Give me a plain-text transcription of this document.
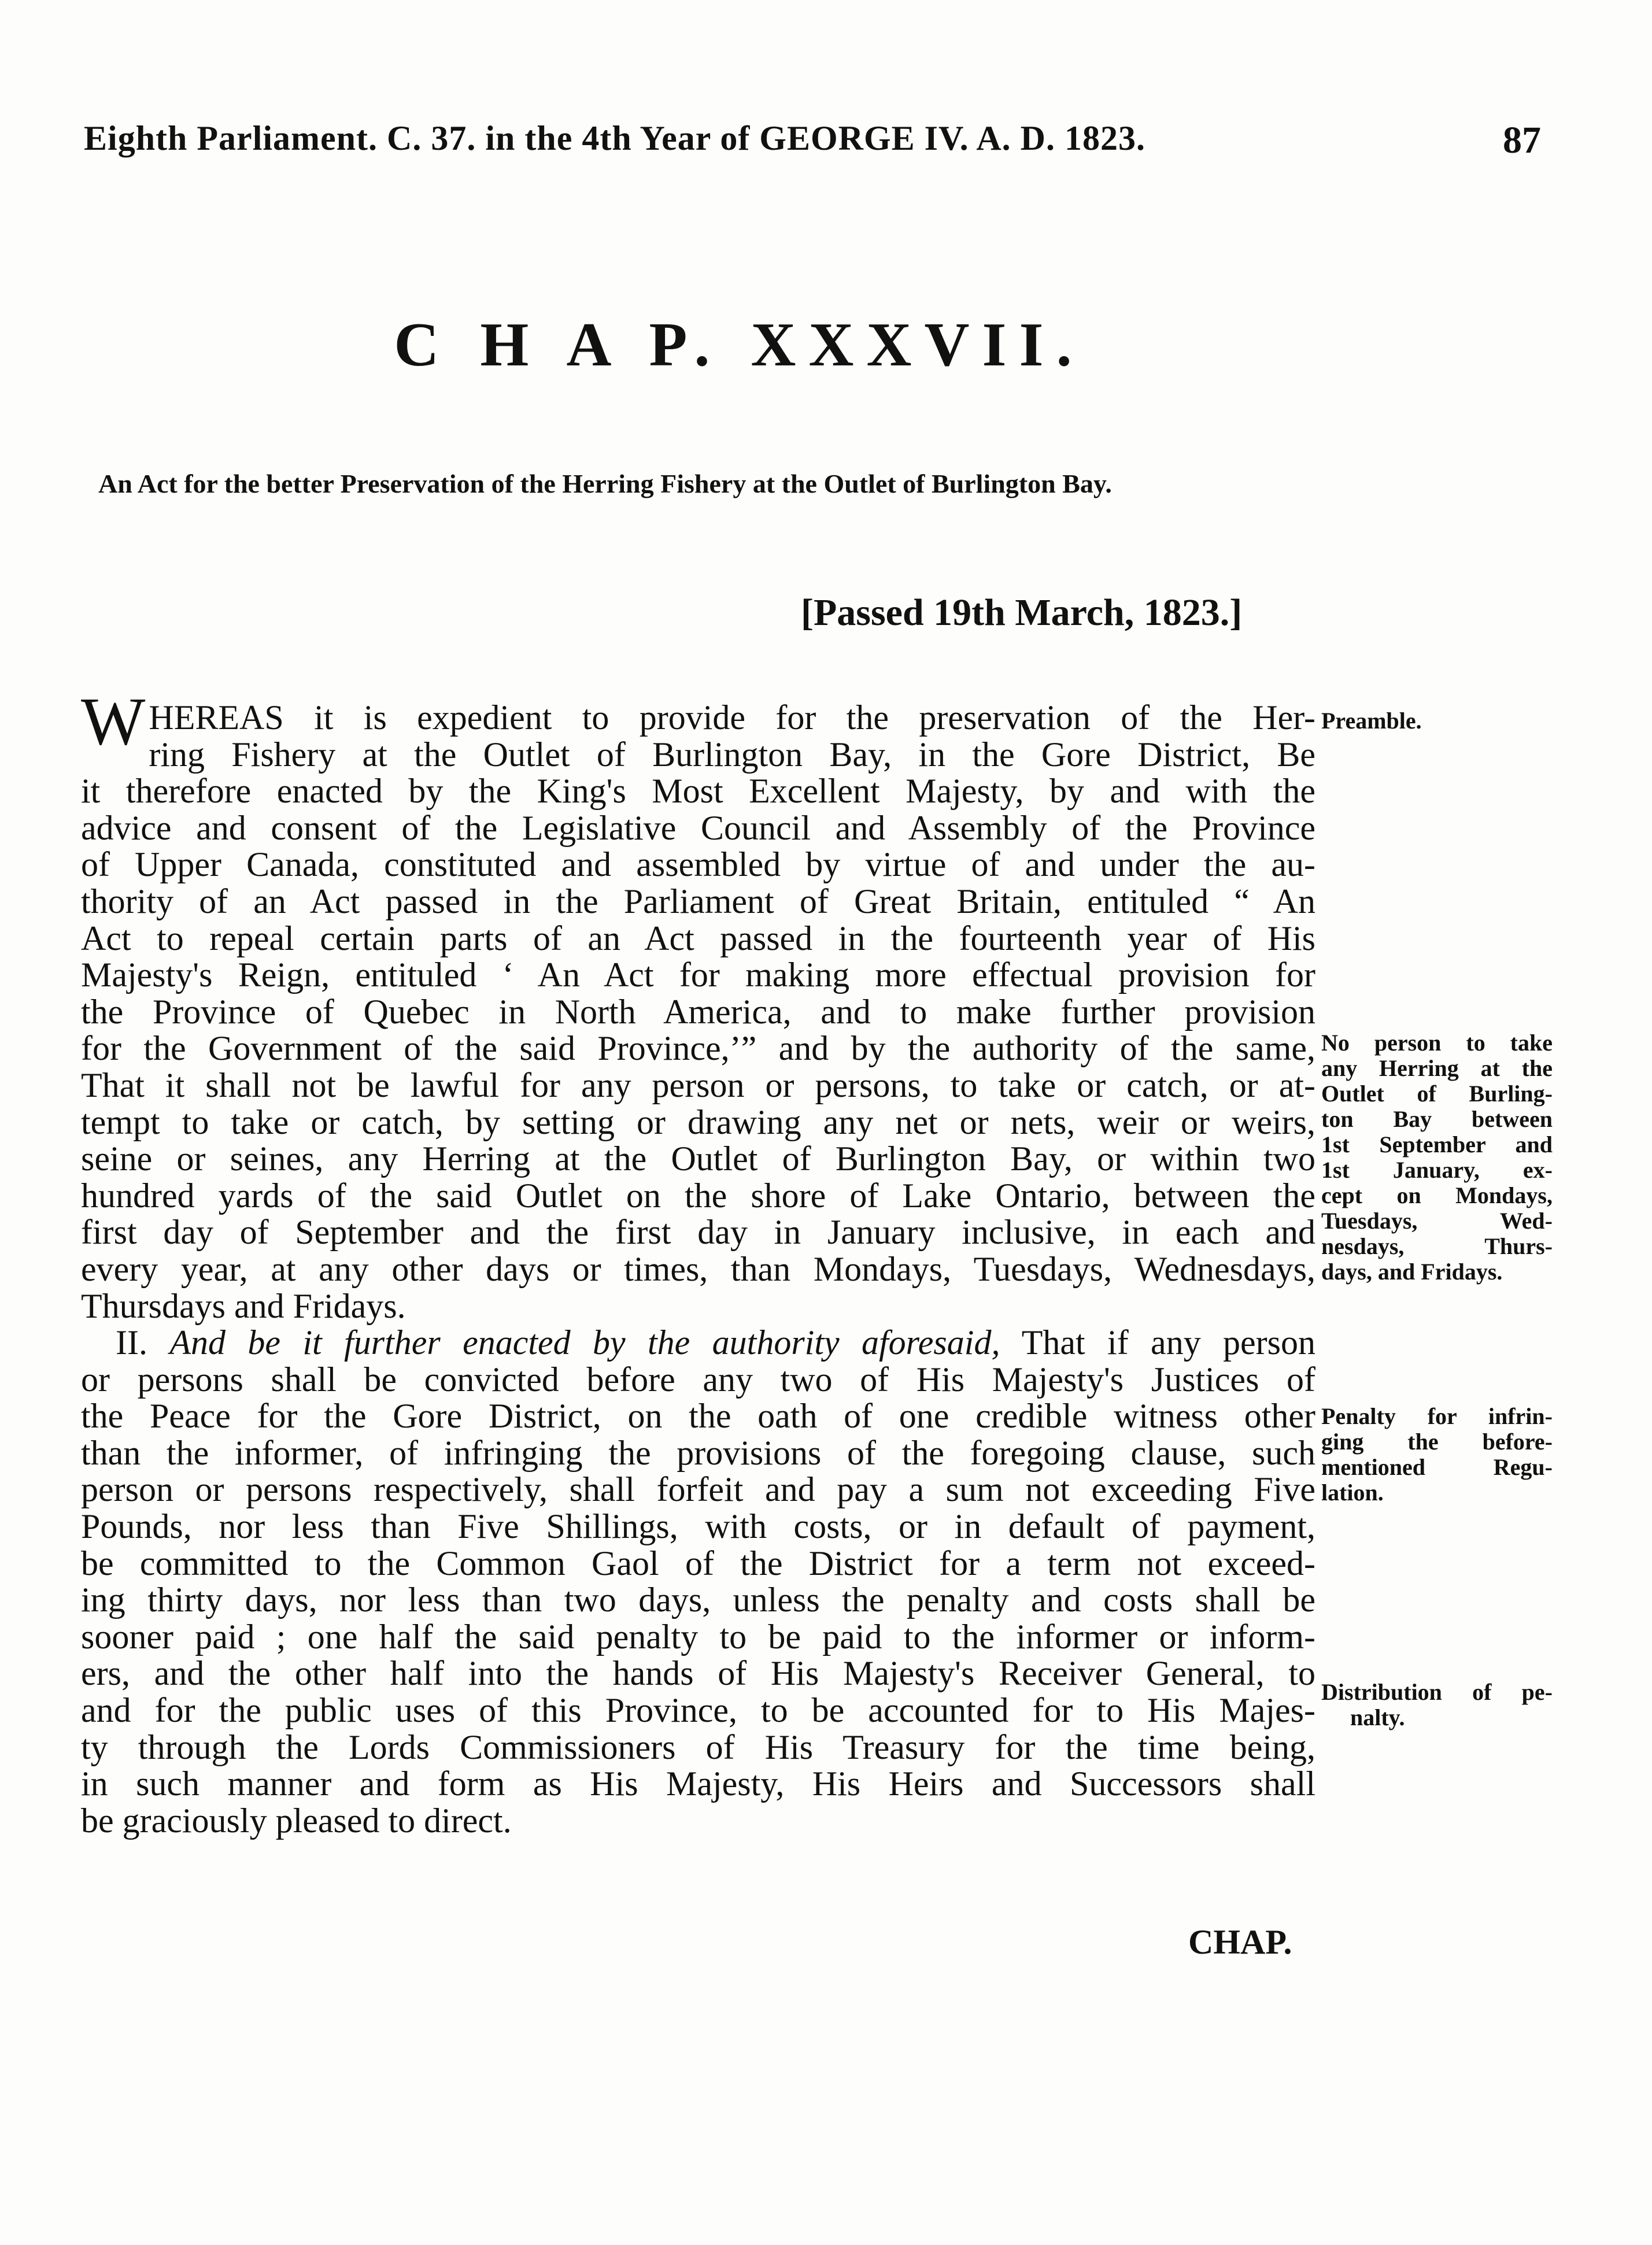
Eighth Parliament. C. 37. in the 4th Year of GEORGE IV. A. D. 1823.	87
C H A P. XXXVII.
An Act for the better Preservation of the Herring Fishery at the Outlet of Burlington Bay.
[Passed 19th March, 1823.]
W HEREAS it is expedient to provide for the preservation of the Her-
ring Fishery at the Outlet of Burlington Bay, in the Gore District, Be
it therefore enacted by the King's Most Excellent Majesty, by and with the
advice and consent of the Legislative Council and Assembly of the Province
of Upper Canada, constituted and assembled by virtue of and under the au-
thority of an Act passed in the Parliament of Great Britain, entituled “ An
Act to repeal certain parts of an Act passed in the fourteenth year of His
Majesty's Reign, entituled ‘ An Act for making more effectual provision for
the Province of Quebec in North America, and to make further provision
for the Government of the said Province,’” and by the authority of the same,
That it shall not be lawful for any person or persons, to take or catch, or at-
tempt to take or catch, by setting or drawing any net or nets, weir or weirs,
seine or seines, any Herring at the Outlet of Burlington Bay, or within two
hundred yards of the said Outlet on the shore of Lake Ontario, between the
first day of September and the first day in January inclusive, in each and
every year, at any other days or times, than Mondays, Tuesdays, Wednesdays,
Thursdays and Fridays.
II. And be it further enacted by the authority aforesaid, That if any person
or persons shall be convicted before any two of His Majesty's Justices of
the Peace for the Gore District, on the oath of one credible witness other
than the informer, of infringing the provisions of the foregoing clause, such
person or persons respectively, shall forfeit and pay a sum not exceeding Five
Pounds, nor less than Five Shillings, with costs, or in default of payment,
be committed to the Common Gaol of the District for a term not exceed-
ing thirty days, nor less than two days, unless the penalty and costs shall be
sooner paid ; one half the said penalty to be paid to the informer or inform-
ers, and the other half into the hands of His Majesty's Receiver General, to
and for the public uses of this Province, to be accounted for to His Majes-
ty through the Lords Commissioners of His Treasury for the time being,
in such manner and form as His Majesty, His Heirs and Successors shall
be graciously pleased to direct.
Preamble.
No person to take
any Herring at the
Outlet of Burling-
ton Bay between
1st September and
1st January, ex-
cept on Mondays,
Tuesdays, Wed-
nesdays, Thurs-
days, and Fridays.
Penalty for infrin-
ging the before-
mentioned Regu-
lation.
Distribution of pe-
nalty.
CHAP.
